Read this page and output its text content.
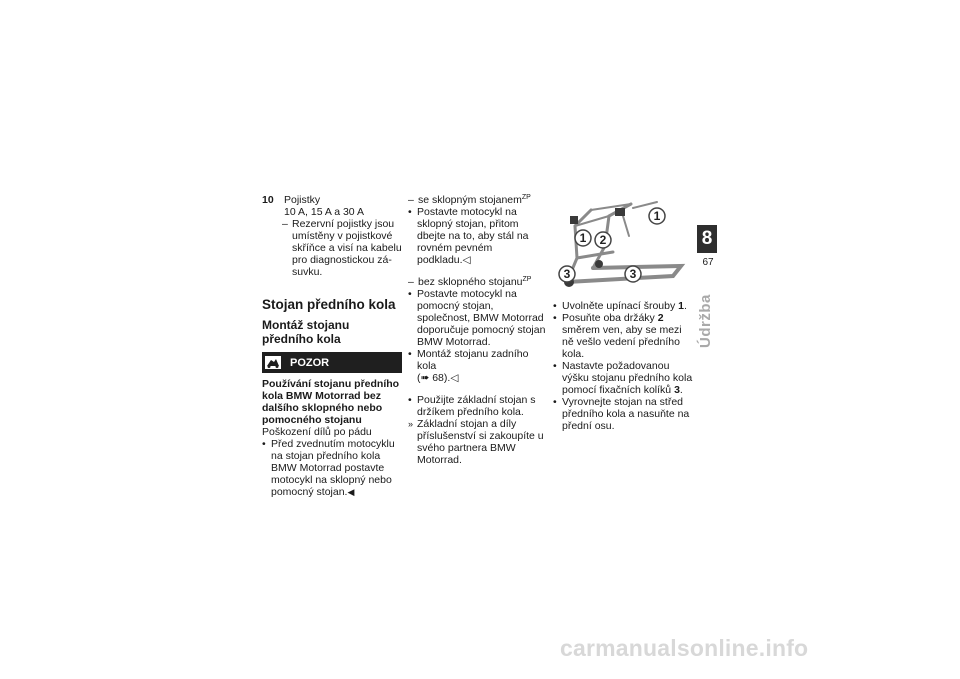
10 Pojistky
10 A, 15 A a 30 A
– Rezervní pojistky jsou umístěny v pojistkové skříňce a visí na kabelu pro diagnostickou zásuvku.
Stojan předního kola
Montáž stojanu předního kola
POZOR
Používání stojanu předního kola BMW Motorrad bez dalšího sklopného nebo pomocného stojanu
Poškození dílů po pádu
• Před zvednutím motocyklu na stojan předního kola BMW Motorrad postavte motocykl na sklopný nebo pomocný stojan.◀
– se sklopným stojanem$^{ZP}$
• Postavte motocykl na sklopný stojan, přitom dbejte na to, aby stál na rovném pevném podkladu.◁
– bez sklopného stojanu$^{ZP}$
• Postavte motocykl na pomocný stojan, společnost, BMW Motorrad doporučuje pomocný stojan BMW Motorrad.
• Montáž stojanu zadního kola
(➠ 68).◁
• Použijte základní stojan s držíkem předního kola.
» Základní stojan a díly příslušenství si zakoupíte u svého partnera BMW Motorrad.
1
2
1
3	3
• Uvolněte upínací šrouby 1.
• Posuňte oba držáky 2 směrem ven, aby se mezi ně vešlo vedení předního kola.
• Nastavte požadovanou výšku stojanu předního kola pomocí fixačních kolíků 3.
• Vyrovnejte stojan na střed předního kola a nasuňte na přední osu.
8
67
Údržba
carmanualsonline.info
